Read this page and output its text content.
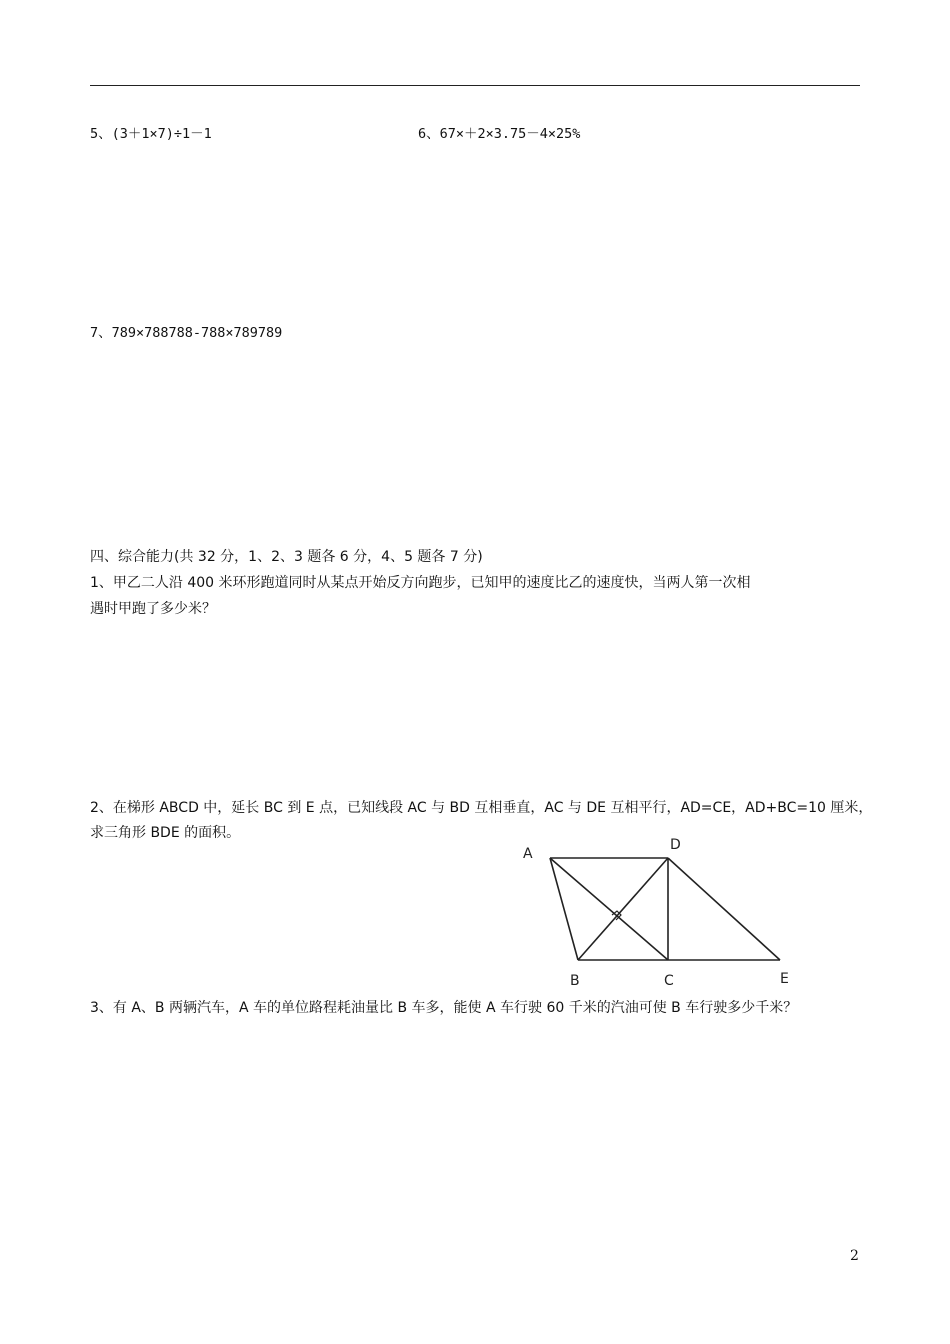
5、(3＋1×7)÷1－1	6、67×＋2×3.75－4×25%
7、789×788788-788×789789
四、综合能力(共 32 分，1、2、3 题各 6 分，4、5 题各 7 分)
1、甲乙二人沿 400 米环形跑道同时从某点开始反方向跑步，已知甲的速度比乙的速度快，当两人第一次相
遇时甲跑了多少米？
2、在梯形 ABCD 中，延长 BC 到 E 点，已知线段 AC 与 BD 互相垂直，AC 与 DE 互相平行，AD=CE，AD+BC=10 厘米，
求三角形 BDE 的面积。
A
D
B	C	E
3、有 A、B 两辆汽车，A 车的单位路程耗油量比 B 车多，能使 A 车行驶 60 千米的汽油可使 B 车行驶多少千米？
2
